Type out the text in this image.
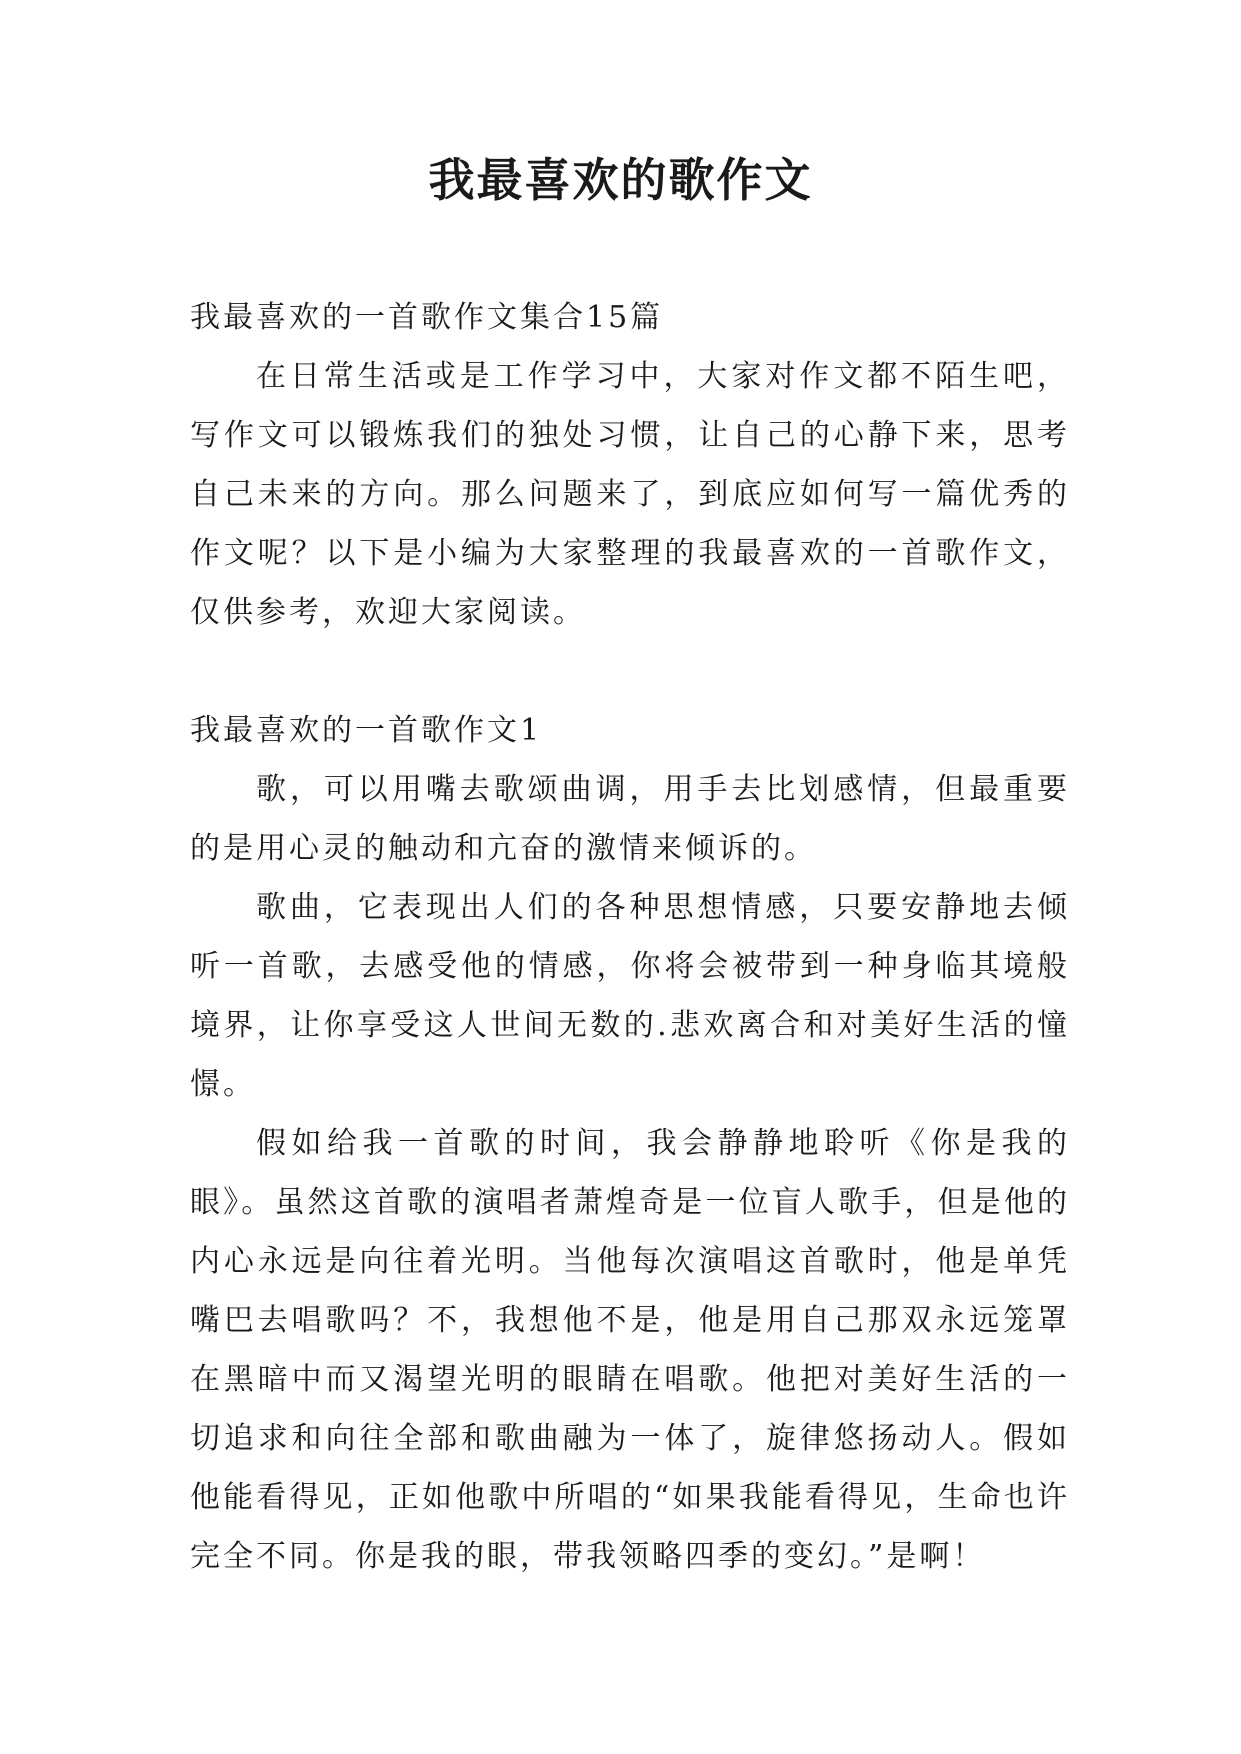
我最喜欢的歌作文

我最喜欢的一首歌作文集合15篇

在日常生活或是工作学习中，大家对作文都不陌生吧，写作文可以锻炼我们的独处习惯，让自己的心静下来，思考自己未来的方向。那么问题来了，到底应如何写一篇优秀的作文呢？以下是小编为大家整理的我最喜欢的一首歌作文，仅供参考，欢迎大家阅读。

我最喜欢的一首歌作文1

歌，可以用嘴去歌颂曲调，用手去比划感情，但最重要的是用心灵的触动和亢奋的激情来倾诉的。

歌曲，它表现出人们的各种思想情感，只要安静地去倾听一首歌，去感受他的情感，你将会被带到一种身临其境般境界，让你享受这人世间无数的.悲欢离合和对美好生活的憧憬。

假如给我一首歌的时间，我会静静地聆听《你是我的眼》。虽然这首歌的演唱者萧煌奇是一位盲人歌手，但是他的内心永远是向往着光明。当他每次演唱这首歌时，他是单凭嘴巴去唱歌吗？不，我想他不是，他是用自己那双永远笼罩在黑暗中而又渴望光明的眼睛在唱歌。他把对美好生活的一切追求和向往全部和歌曲融为一体了，旋律悠扬动人。假如他能看得见，正如他歌中所唱的“如果我能看得见，生命也许完全不同。你是我的眼，带我领略四季的变幻。”是啊！
